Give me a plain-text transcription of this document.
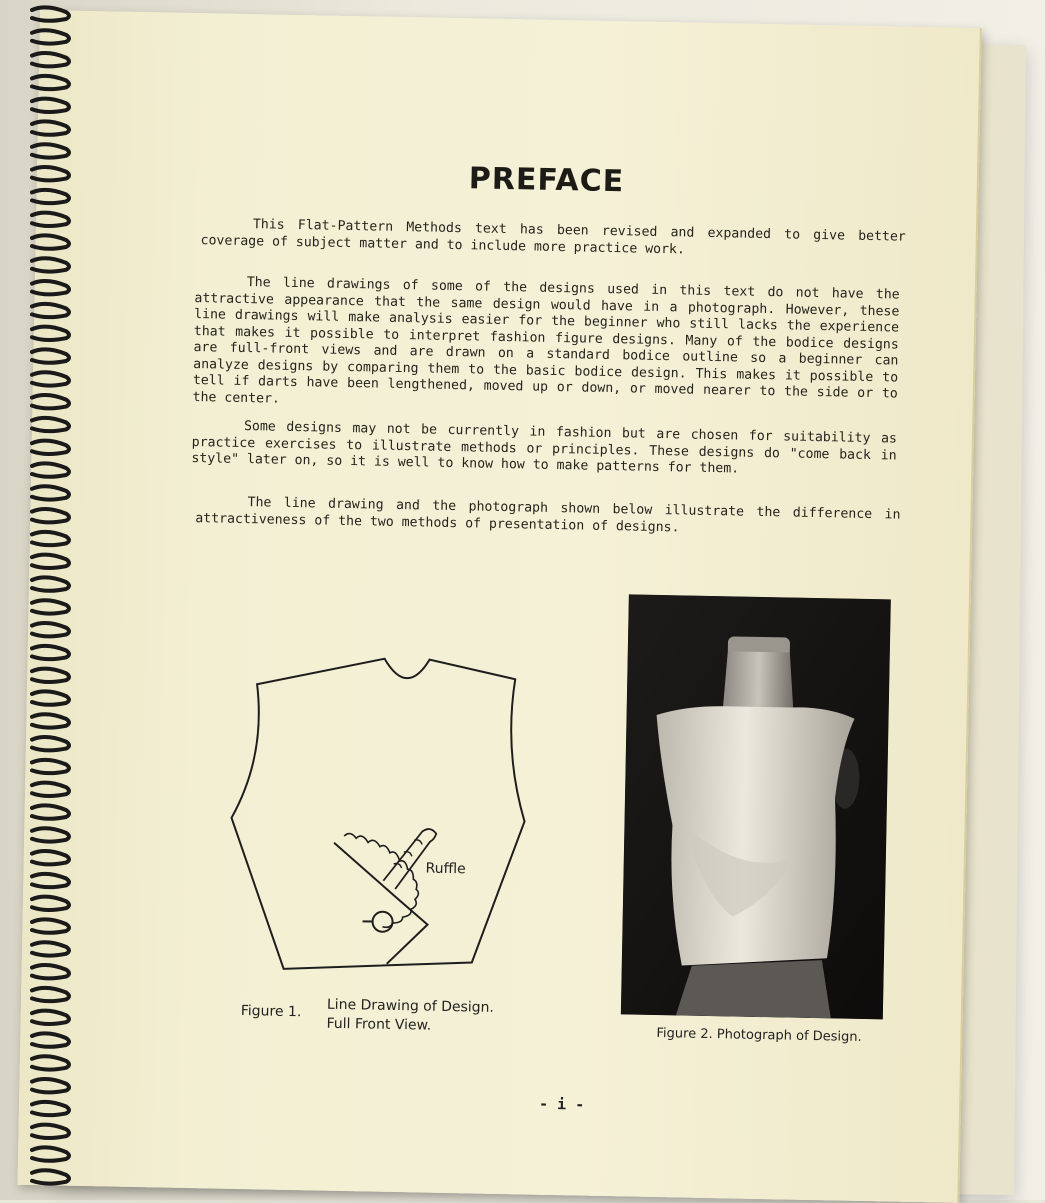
PREFACE

This Flat-Pattern Methods text has been revised and expanded to give better coverage of subject matter and to include more practice work.

The line drawings of some of the designs used in this text do not have the attractive appearance that the same design would have in a photograph. However, these line drawings will make analysis easier for the beginner who still lacks the experience that makes it possible to interpret fashion figure designs. Many of the bodice designs are full-front views and are drawn on a standard bodice outline so a beginner can analyze designs by comparing them to the basic bodice design. This makes it possible to tell if darts have been lengthened, moved up or down, or moved nearer to the side or to the center.

Some designs may not be currently in fashion but are chosen for suitability as practice exercises to illustrate methods or principles. These designs do "come back in style" later on, so it is well to know how to make patterns for them.

The line drawing and the photograph shown below illustrate the difference in attractiveness of the two methods of presentation of designs.

Ruffle
Figure 1. Line Drawing of Design.
Full Front View.
Figure 2. Photograph of Design.
- i -
